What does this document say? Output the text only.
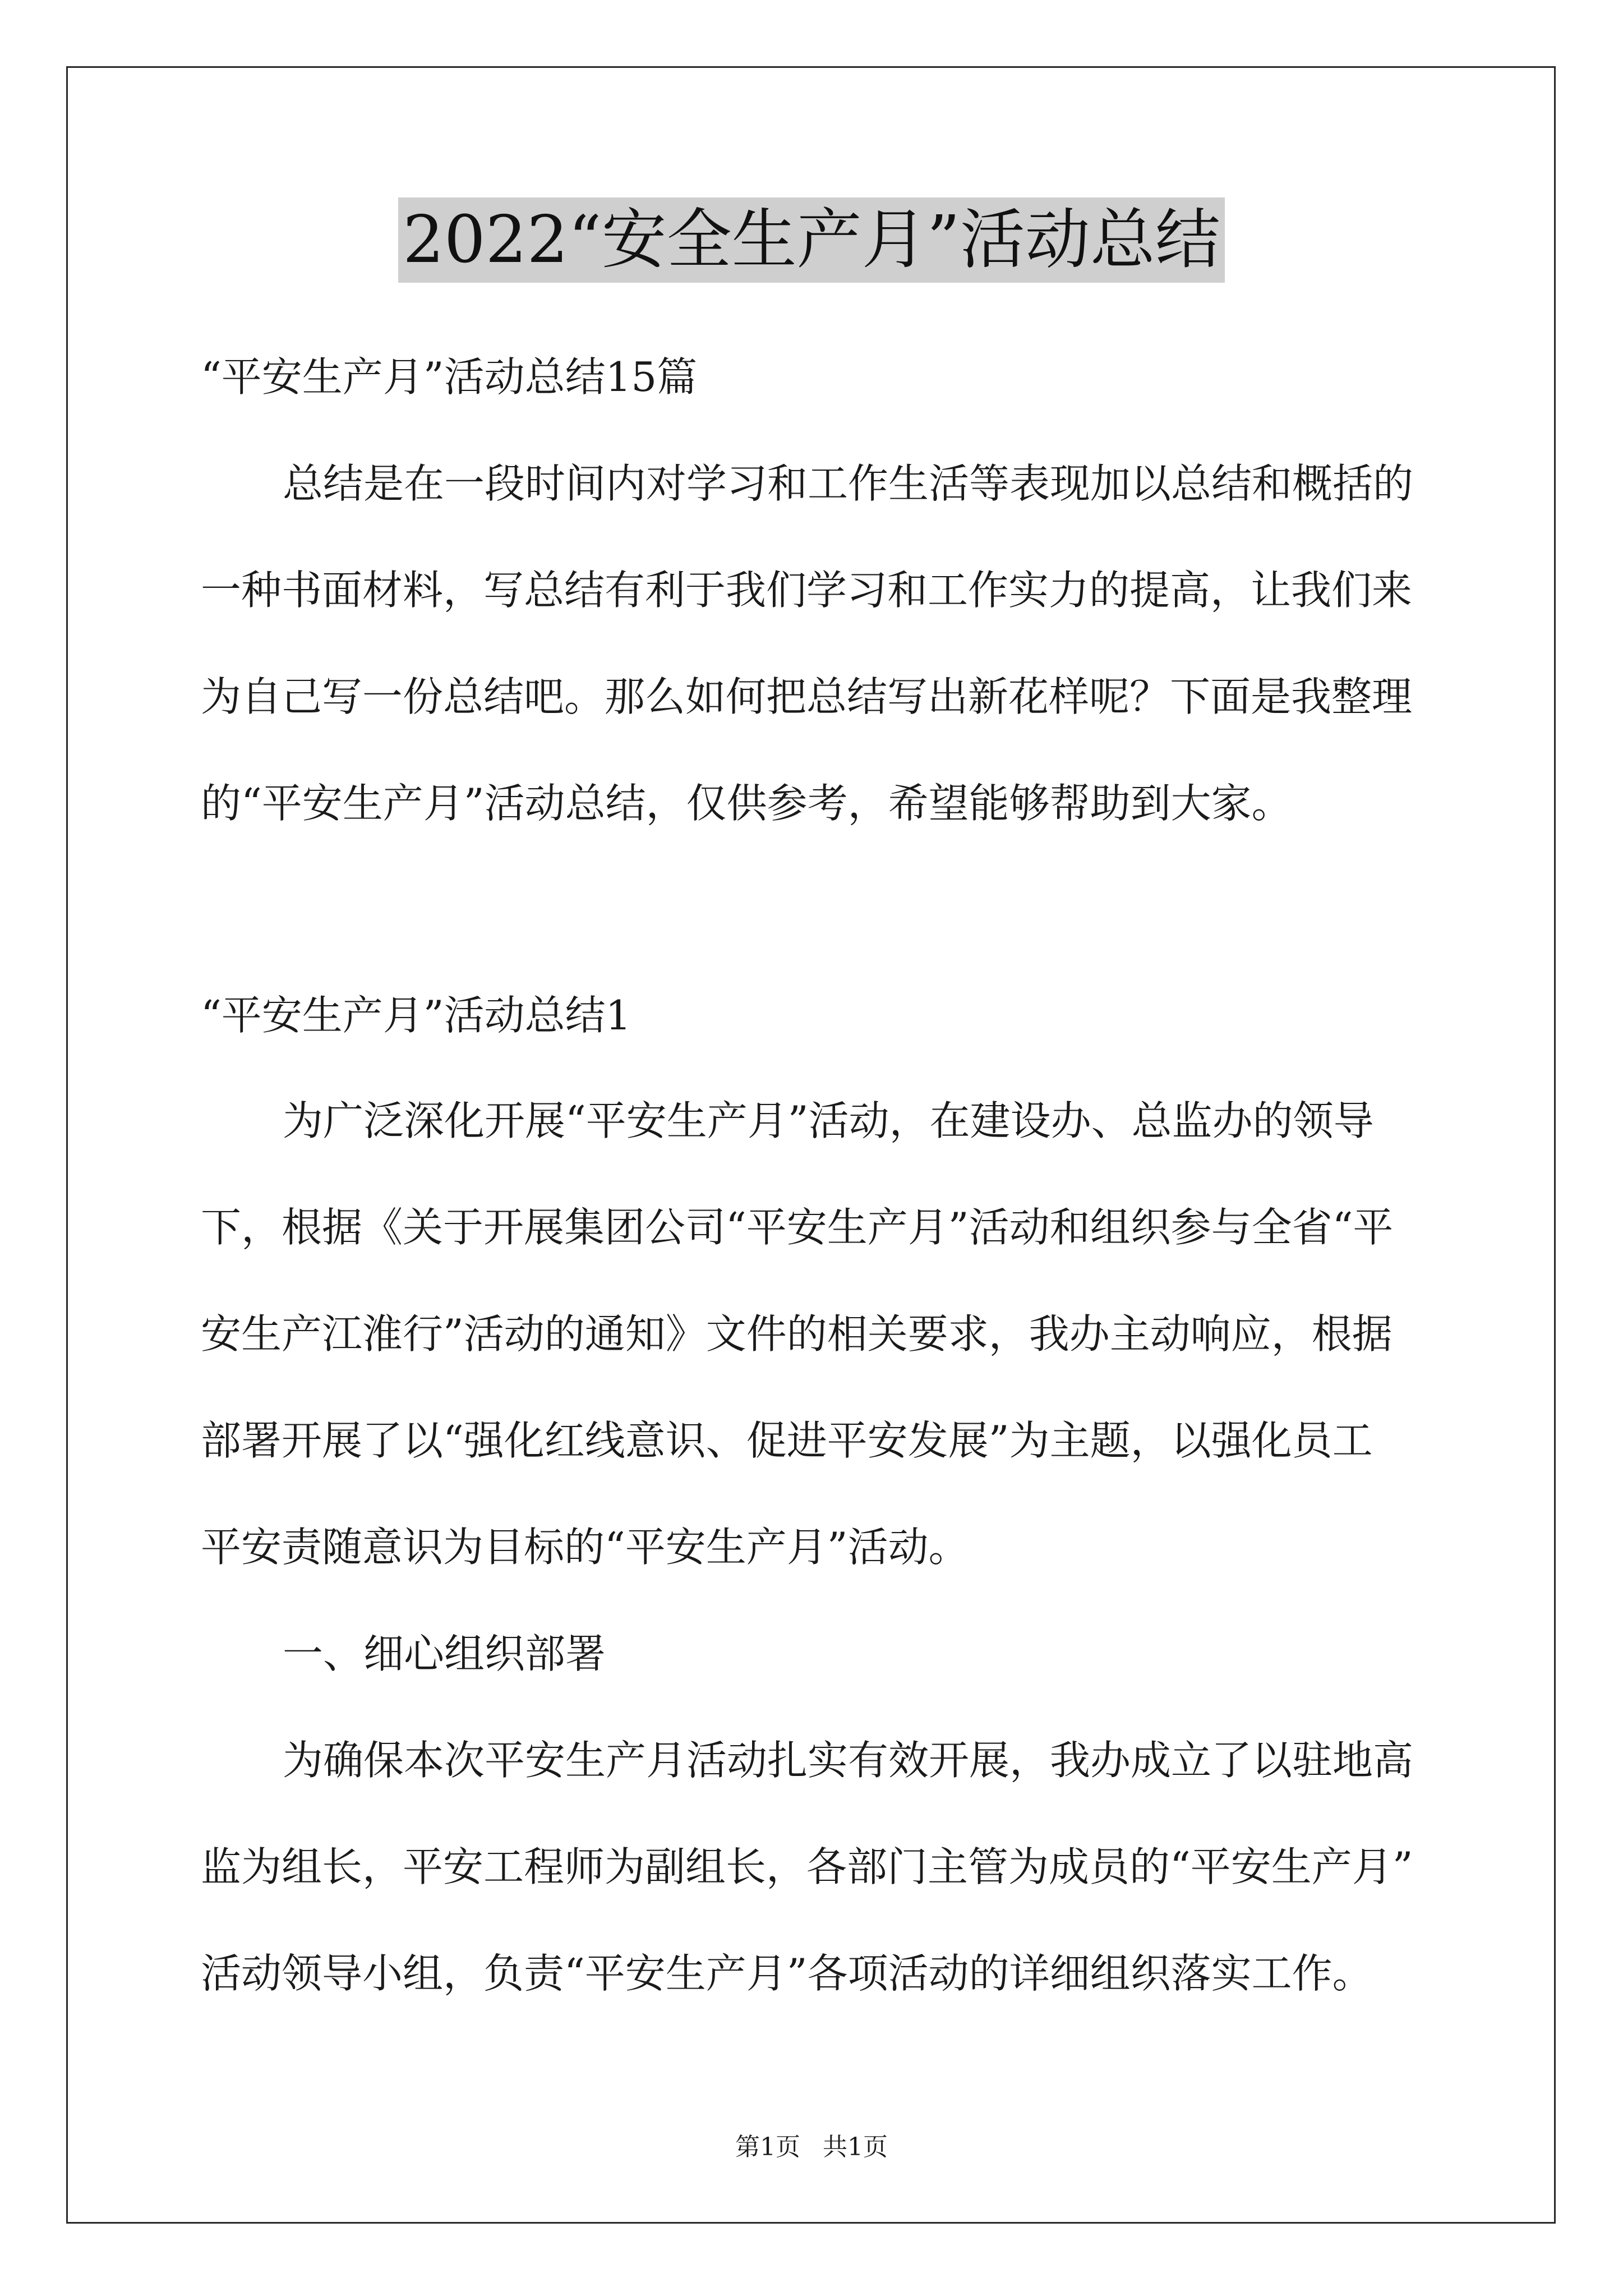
2022“安全生产月”活动总结
“平安生产月”活动总结15篇
总结是在一段时间内对学习和工作生活等表现加以总结和概括的
一种书面材料，写总结有利于我们学习和工作实力的提高，让我们来
为自己写一份总结吧。那么如何把总结写出新花样呢？下面是我整理
的“平安生产月”活动总结，仅供参考，希望能够帮助到大家。
“平安生产月”活动总结1
为广泛深化开展“平安生产月”活动，在建设办、总监办的领导
下，根据《关于开展集团公司“平安生产月”活动和组织参与全省“平
安生产江淮行”活动的通知》文件的相关要求，我办主动响应，根据
部署开展了以“强化红线意识、促进平安发展”为主题，以强化员工
平安责随意识为目标的“平安生产月”活动。
一、细心组织部署
为确保本次平安生产月活动扎实有效开展，我办成立了以驻地高
监为组长，平安工程师为副组长，各部门主管为成员的“平安生产月”
活动领导小组，负责“平安生产月”各项活动的详细组织落实工作。
第1页 共1页
